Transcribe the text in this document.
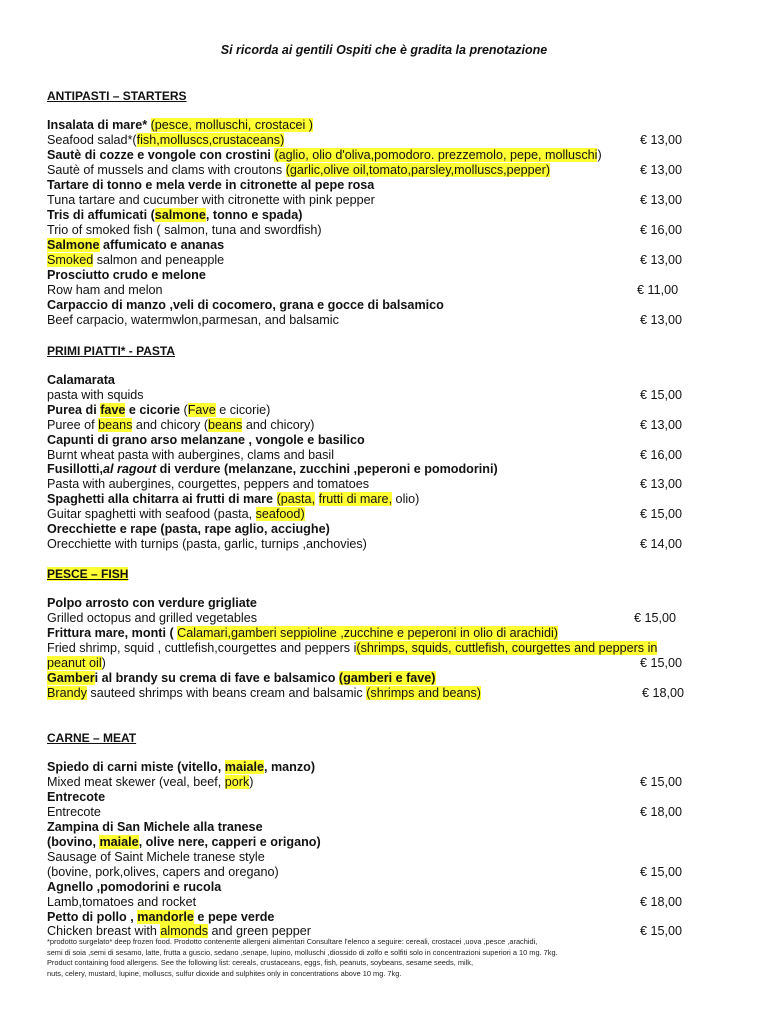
Si ricorda ai gentili Ospiti che è gradita la prenotazione
ANTIPASTI – STARTERS
Insalata di mare* (pesce, molluschi, crostacei )
Seafood salad*(fish,molluscs,crustaceans)	€ 13,00
Sautè di cozze e vongole con crostini (aglio, olio d'oliva,pomodoro. prezzemolo, pepe, molluschi)
Sautè of mussels and clams with croutons (garlic,olive oil,tomato,parsley,molluscs,pepper)	€ 13,00
Tartare di tonno e mela verde in citronette al pepe rosa
Tuna tartare and cucumber with citronette with pink pepper	€ 13,00
Tris di affumicati (salmone, tonno e spada)
Trio of smoked fish ( salmon, tuna and swordfish)	€ 16,00
Salmone affumicato e ananas
Smoked salmon and peneapple	€ 13,00
Prosciutto crudo e melone
Row ham and melon	€ 11,00
Carpaccio di manzo ,veli di cocomero, grana e gocce di balsamico
Beef carpacio, watermwlon,parmesan, and balsamic	€ 13,00
PRIMI PIATTI* - PASTA
Calamarata
pasta with squids	€ 15,00
Purea di fave e cicorie (Fave e cicorie)
Puree of beans and chicory (beans and chicory)	€ 13,00
Capunti di grano arso melanzane , vongole e basilico
Burnt wheat pasta with aubergines, clams and basil	€ 16,00
Fusillotti,al ragout di verdure (melanzane, zucchini ,peperoni e pomodorini)
Pasta with aubergines, courgettes, peppers and tomatoes	€ 13,00
Spaghetti alla chitarra ai frutti di mare (pasta, frutti di mare, olio)
Guitar spaghetti with seafood (pasta, seafood)	€ 15,00
Orecchiette e rape (pasta, rape aglio, acciughe)
Orecchiette with turnips (pasta, garlic, turnips ,anchovies)	€ 14,00
PESCE – FISH
Polpo arrosto con verdure grigliate
Grilled octopus and grilled vegetables	€ 15,00
Frittura mare, monti ( Calamari,gamberi seppioline ,zucchine e peperoni in olio di arachidi)
Fried shrimp, squid , cuttlefish,courgettes and peppers i(shrimps, squids, cuttlefish, courgettes and peppers in
peanut oil)	€ 15,00
Gamberi al brandy su crema di fave e balsamico (gamberi e fave)
Brandy sauteed shrimps with beans cream and balsamic (shrimps and beans)	€ 18,00
CARNE – MEAT
Spiedo di carni miste (vitello, maiale, manzo)
Mixed meat skewer (veal, beef, pork)	€ 15,00
Entrecote
Entrecote	€ 18,00
Zampina di San Michele alla tranese
(bovino, maiale, olive nere, capperi e origano)
Sausage of Saint Michele tranese style
(bovine, pork,olives, capers and oregano)	€ 15,00
Agnello ,pomodorini e rucola
Lamb,tomatoes and rocket	€ 18,00
Petto di pollo , mandorle e pepe verde
Chicken breast with almonds and green pepper	€ 15,00
*prodotto surgelato* deep frozen food. Prodotto contenente allergeni alimentari Consultare l'elenco a seguire: cereali, crostacei ,uova ,pesce ,arachidi,
semi di soia ,semi di sesamo, latte, frutta a guscio, sedano ,senape, lupino, molluschi ,diossido di zolfo e solfiti solo in concentrazioni superiori a 10 mg. 7kg.
Product containing food allergens. See the following list: cereals, crustaceans, eggs, fish, peanuts, soybeans, sesame seeds, milk,
nuts, celery, mustard, lupine, molluscs, sulfur dioxide and sulphites only in concentrations above 10 mg. 7kg.
